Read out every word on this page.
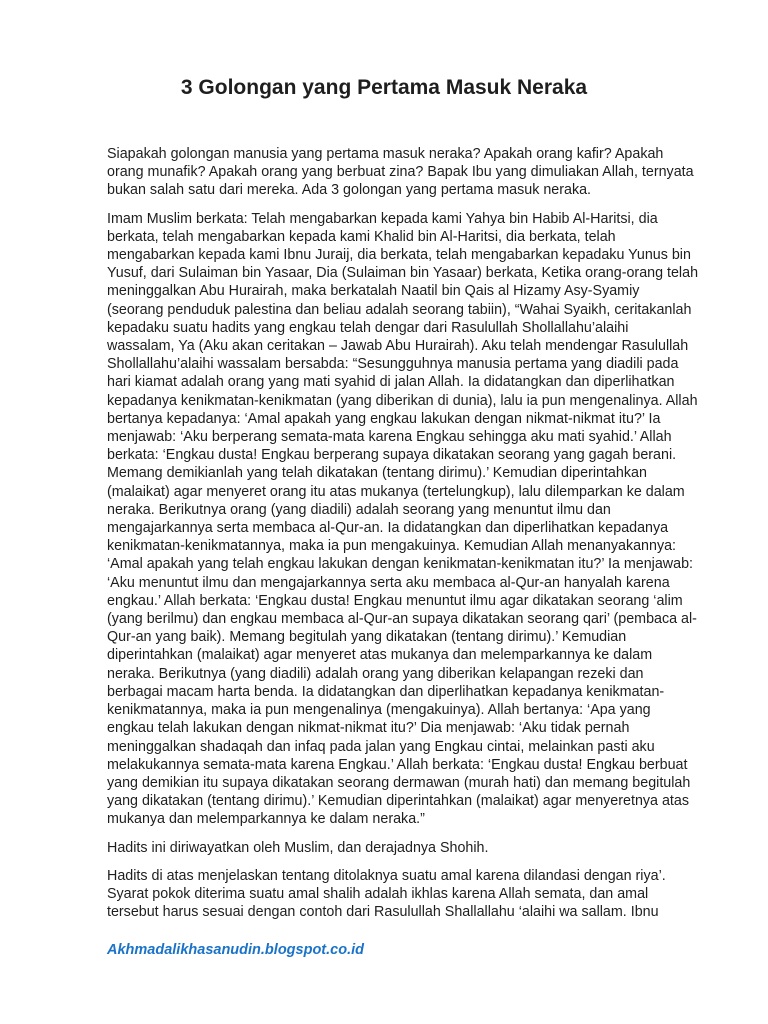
3 Golongan yang Pertama Masuk Neraka

Siapakah golongan manusia yang pertama masuk neraka? Apakah orang kafir? Apakah orang munafik? Apakah orang yang berbuat zina? Bapak Ibu yang dimuliakan Allah, ternyata bukan salah satu dari mereka. Ada 3 golongan yang pertama masuk neraka.

Imam Muslim berkata: Telah mengabarkan kepada kami Yahya bin Habib Al-Haritsi, dia berkata, telah mengabarkan kepada kami Khalid bin Al-Haritsi, dia berkata, telah mengabarkan kepada kami Ibnu Juraij, dia berkata, telah mengabarkan kepadaku Yunus bin Yusuf, dari Sulaiman bin Yasaar, Dia (Sulaiman bin Yasaar) berkata, Ketika orang-orang telah meninggalkan Abu Hurairah, maka berkatalah Naatil bin Qais al Hizamy Asy-Syamiy (seorang penduduk palestina dan beliau adalah seorang tabiin), “Wahai Syaikh, ceritakanlah kepadaku suatu hadits yang engkau telah dengar dari Rasulullah Shollallahu’alaihi wassalam, Ya (Aku akan ceritakan – Jawab Abu Hurairah). Aku telah mendengar Rasulullah Shollallahu’alaihi wassalam bersabda: “Sesungguhnya manusia pertama yang diadili pada hari kiamat adalah orang yang mati syahid di jalan Allah. Ia didatangkan dan diperlihatkan kepadanya kenikmatan-kenikmatan (yang diberikan di dunia), lalu ia pun mengenalinya. Allah bertanya kepadanya: ‘Amal apakah yang engkau lakukan dengan nikmat-nikmat itu?’ Ia menjawab: ‘Aku berperang semata-mata karena Engkau sehingga aku mati syahid.’ Allah berkata: ‘Engkau dusta! Engkau berperang supaya dikatakan seorang yang gagah berani. Memang demikianlah yang telah dikatakan (tentang dirimu).’ Kemudian diperintahkan (malaikat) agar menyeret orang itu atas mukanya (tertelungkup), lalu dilemparkan ke dalam neraka. Berikutnya orang (yang diadili) adalah seorang yang menuntut ilmu dan mengajarkannya serta membaca al-Qur-an. Ia didatangkan dan diperlihatkan kepadanya kenikmatan-kenikmatannya, maka ia pun mengakuinya. Kemudian Allah menanyakannya: ‘Amal apakah yang telah engkau lakukan dengan kenikmatan-kenikmatan itu?’ Ia menjawab: ‘Aku menuntut ilmu dan mengajarkannya serta aku membaca al-Qur-an hanyalah karena engkau.’ Allah berkata: ‘Engkau dusta! Engkau menuntut ilmu agar dikatakan seorang ‘alim (yang berilmu) dan engkau membaca al-Qur-an supaya dikatakan seorang qari’ (pembaca al-Qur-an yang baik). Memang begitulah yang dikatakan (tentang dirimu).’ Kemudian diperintahkan (malaikat) agar menyeret atas mukanya dan melemparkannya ke dalam neraka. Berikutnya (yang diadili) adalah orang yang diberikan kelapangan rezeki dan berbagai macam harta benda. Ia didatangkan dan diperlihatkan kepadanya kenikmatan-kenikmatannya, maka ia pun mengenalinya (mengakuinya). Allah bertanya: ‘Apa yang engkau telah lakukan dengan nikmat-nikmat itu?’ Dia menjawab: ‘Aku tidak pernah meninggalkan shadaqah dan infaq pada jalan yang Engkau cintai, melainkan pasti aku melakukannya semata-mata karena Engkau.’ Allah berkata: ‘Engkau dusta! Engkau berbuat yang demikian itu supaya dikatakan seorang dermawan (murah hati) dan memang begitulah yang dikatakan (tentang dirimu).’ Kemudian diperintahkan (malaikat) agar menyeretnya atas mukanya dan melemparkannya ke dalam neraka.”

Hadits ini diriwayatkan oleh Muslim, dan derajadnya Shohih.

Hadits di atas menjelaskan tentang ditolaknya suatu amal karena dilandasi dengan riya’. Syarat pokok diterima suatu amal shalih adalah ikhlas karena Allah semata, dan amal tersebut harus sesuai dengan contoh dari Rasulullah Shallallahu ‘alaihi wa sallam. Ibnu

Akhmadalikhasanudin.blogspot.co.id
